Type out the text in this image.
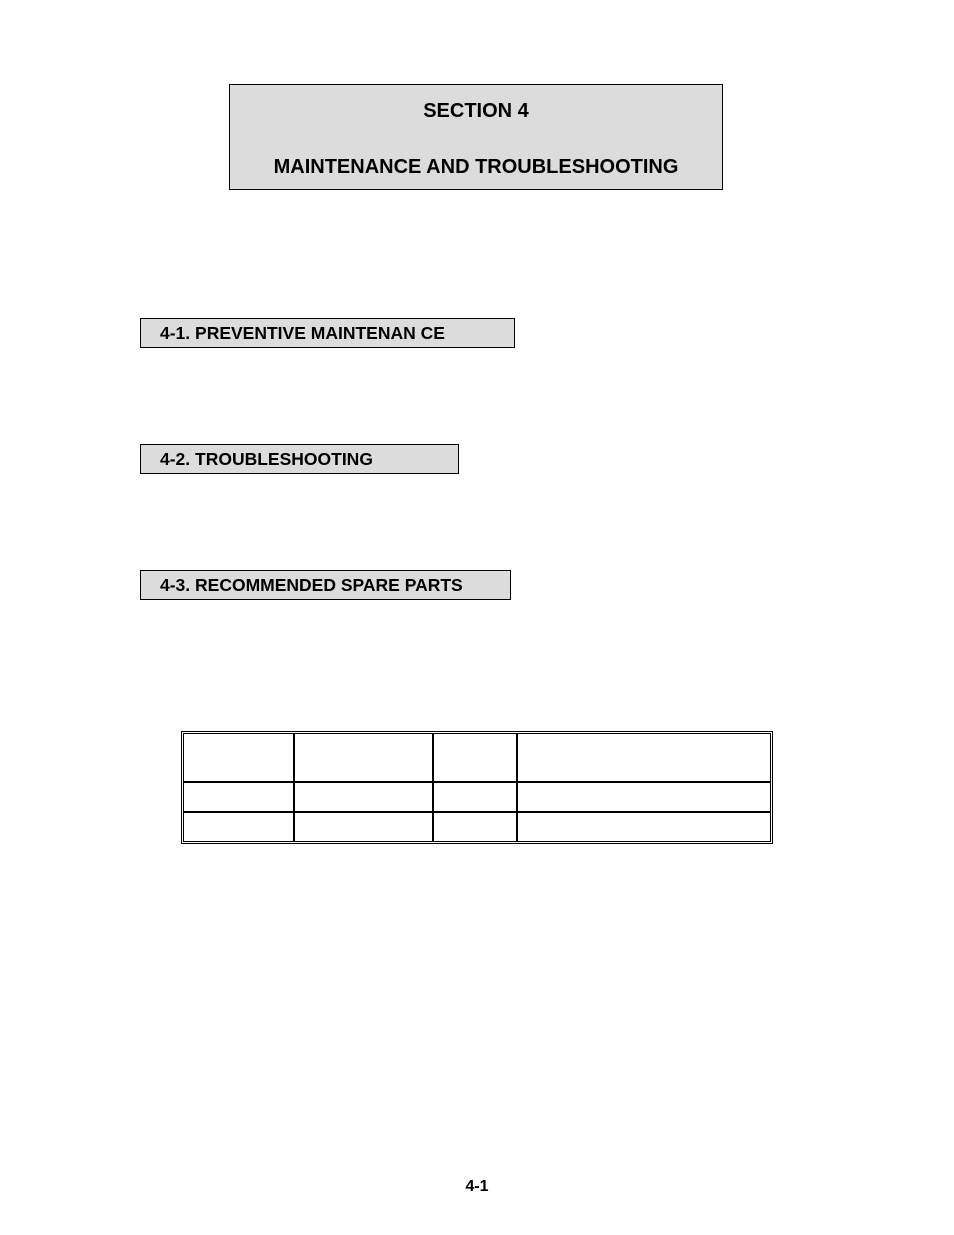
SECTION 4
MAINTENANCE AND TROUBLESHOOTING
4-1. PREVENTIVE MAINTENAN CE
4-2. TROUBLESHOOTING
4-3. RECOMMENDED SPARE PARTS

4-1
